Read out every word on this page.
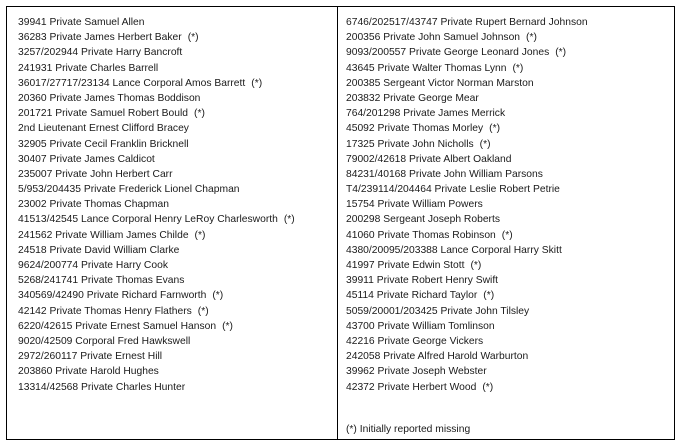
39941 Private Samuel Allen
36283 Private James Herbert Baker (*)
3257/202944 Private Harry Bancroft
241931 Private Charles Barrell
36017/27717/23134 Lance Corporal Amos Barrett (*)
20360 Private James Thomas Boddison
201721 Private Samuel Robert Bould (*)
2nd Lieutenant Ernest Clifford Bracey
32905 Private Cecil Franklin Bricknell
30407 Private James Caldicot
235007 Private John Herbert Carr
5/953/204435 Private Frederick Lionel Chapman
23002 Private Thomas Chapman
41513/42545 Lance Corporal Henry LeRoy Charlesworth (*)
241562 Private William James Childe (*)
24518 Private David William Clarke
9624/200774 Private Harry Cook
5268/241741 Private Thomas Evans
340569/42490 Private Richard Farnworth (*)
42142 Private Thomas Henry Flathers (*)
6220/42615 Private Ernest Samuel Hanson (*)
9020/42509 Corporal Fred Hawkswell
2972/260117 Private Ernest Hill
203860 Private Harold Hughes
13314/42568 Private Charles Hunter
6746/202517/43747 Private Rupert Bernard Johnson
200356 Private John Samuel Johnson (*)
9093/200557 Private George Leonard Jones (*)
43645 Private Walter Thomas Lynn (*)
200385 Sergeant Victor Norman Marston
203832 Private George Mear
764/201298 Private James Merrick
45092 Private Thomas Morley (*)
17325 Private John Nicholls (*)
79002/42618 Private Albert Oakland
84231/40168 Private John William Parsons
T4/239114/204464 Private Leslie Robert Petrie
15754 Private William Powers
200298 Sergeant Joseph Roberts
41060 Private Thomas Robinson (*)
4380/20095/203388 Lance Corporal Harry Skitt
41997 Private Edwin Stott (*)
39911 Private Robert Henry Swift
45114 Private Richard Taylor (*)
5059/20001/203425 Private John Tilsley
43700 Private William Tomlinson
42216 Private George Vickers
242058 Private Alfred Harold Warburton
39962 Private Joseph Webster
42372 Private Herbert Wood (*)
(*) Initially reported missing
